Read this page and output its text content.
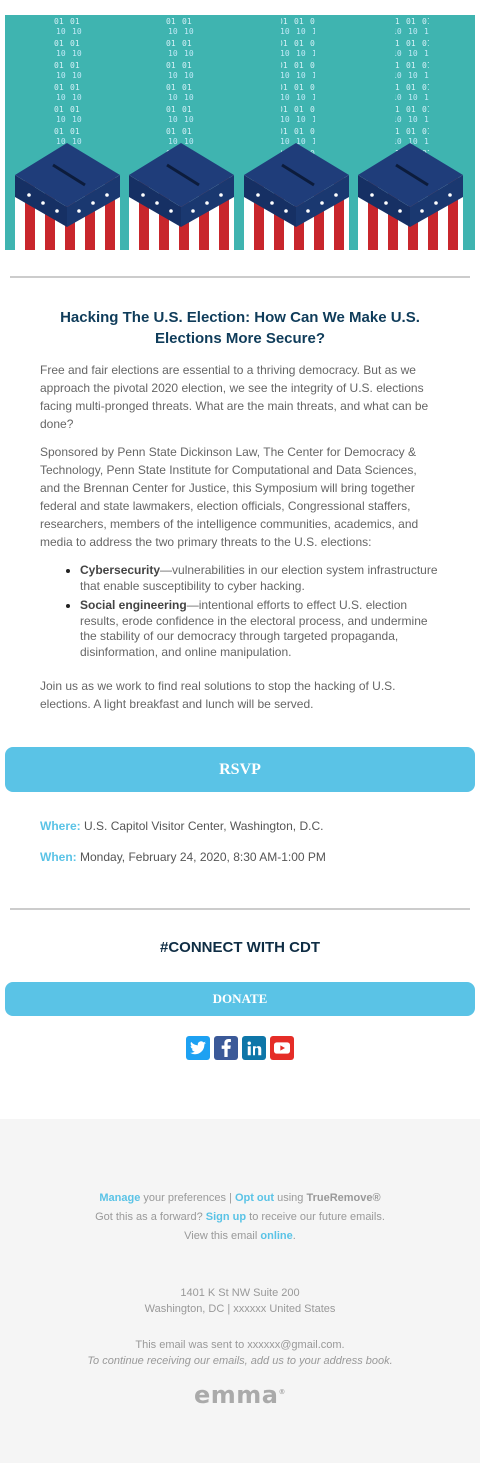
Hacking The U.S. Election: How Can We Make U.S. Elections More Secure?

Free and fair elections are essential to a thriving democracy. But as we approach the pivotal 2020 election, we see the integrity of U.S. elections facing multi-pronged threats. What are the main threats, and what can be done?

Sponsored by Penn State Dickinson Law, The Center for Democracy & Technology, Penn State Institute for Computational and Data Sciences, and the Brennan Center for Justice, this Symposium will bring together federal and state lawmakers, election officials, Congressional staffers, researchers, members of the intelligence communities, academics, and media to address the two primary threats to the U.S. elections:

• Cybersecurity—vulnerabilities in our election system infrastructure that enable susceptibility to cyber hacking.
• Social engineering—intentional efforts to effect U.S. election results, erode confidence in the electoral process, and undermine the stability of our democracy through targeted propaganda, disinformation, and online manipulation.

Join us as we work to find real solutions to stop the hacking of U.S. elections. A light breakfast and lunch will be served.

RSVP
Where: U.S. Capitol Visitor Center, Washington, D.C.
When: Monday, February 24, 2020, 8:30 AM-1:00 PM
#CONNECT WITH CDT
DONATE
Manage your preferences | Opt out using TrueRemove®
Got this as a forward? Sign up to receive our future emails.
View this email online.
1401 K St NW Suite 200
Washington, DC | xxxxxx United States
This email was sent to xxxxxx@gmail.com.
To continue receiving our emails, add us to your address book.
emma®
